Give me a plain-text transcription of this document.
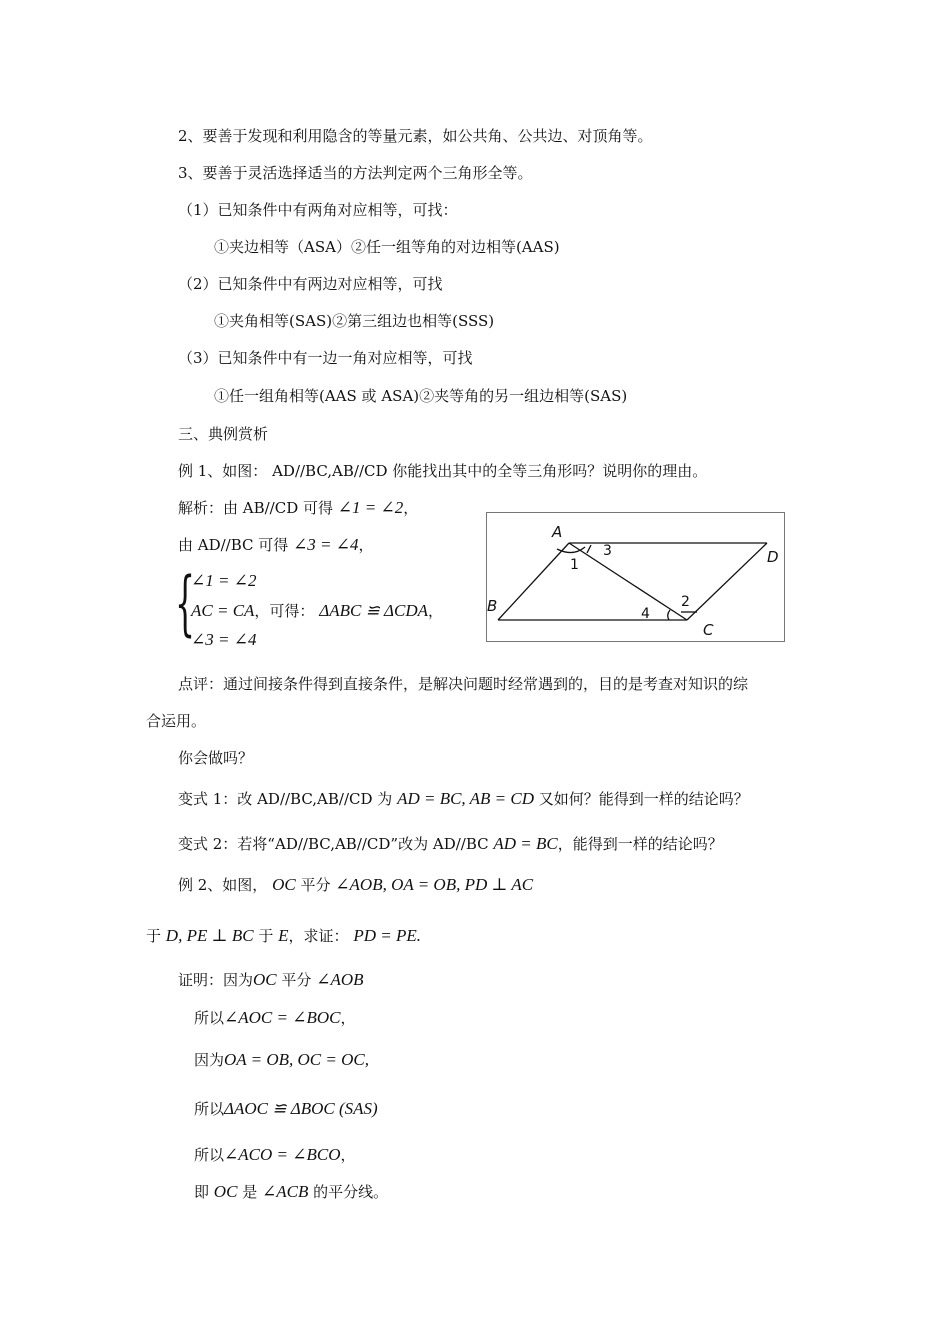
2、要善于发现和利用隐含的等量元素，如公共角、公共边、对顶角等。
3、要善于灵活选择适当的方法判定两个三角形全等。
（1）已知条件中有两角对应相等，可找：
①夹边相等（ASA）②任一组等角的对边相等(AAS)
（2）已知条件中有两边对应相等，可找
①夹角相等(SAS)②第三组边也相等(SSS)
（3）已知条件中有一边一角对应相等，可找
①任一组角相等(AAS 或 ASA)②夹等角的另一组边相等(SAS)
三、典例赏析
例 1、如图： AD//BC,AB//CD 你能找出其中的全等三角形吗？说明你的理由。
解析：由 AB//CD 可得 ∠1 = ∠2，
由 AD//BC 可得 ∠3 = ∠4，
{
∠1 = ∠2
AC = CA，可得： ΔABC ≌ ΔCDA，
∠3 = ∠4
A
B
C
D
1
2
3
4
点评：通过间接条件得到直接条件，是解决问题时经常遇到的，目的是考查对知识的综
合运用。
你会做吗？
变式 1：改 AD//BC,AB//CD 为 AD = BC, AB = CD 又如何？能得到一样的结论吗？
变式 2：若将“AD//BC,AB//CD”改为 AD//BC AD = BC，能得到一样的结论吗？
例 2、如图， OC 平分 ∠AOB, OA = OB, PD ⊥ AC
于 D, PE ⊥ BC 于 E，求证： PD = PE.
证明：因为OC 平分 ∠AOB
所以∠AOC = ∠BOC，
因为OA = OB, OC = OC,
所以ΔAOC ≌ ΔBOC (SAS)
所以∠ACO = ∠BCO，
即 OC 是 ∠ACB 的平分线。
